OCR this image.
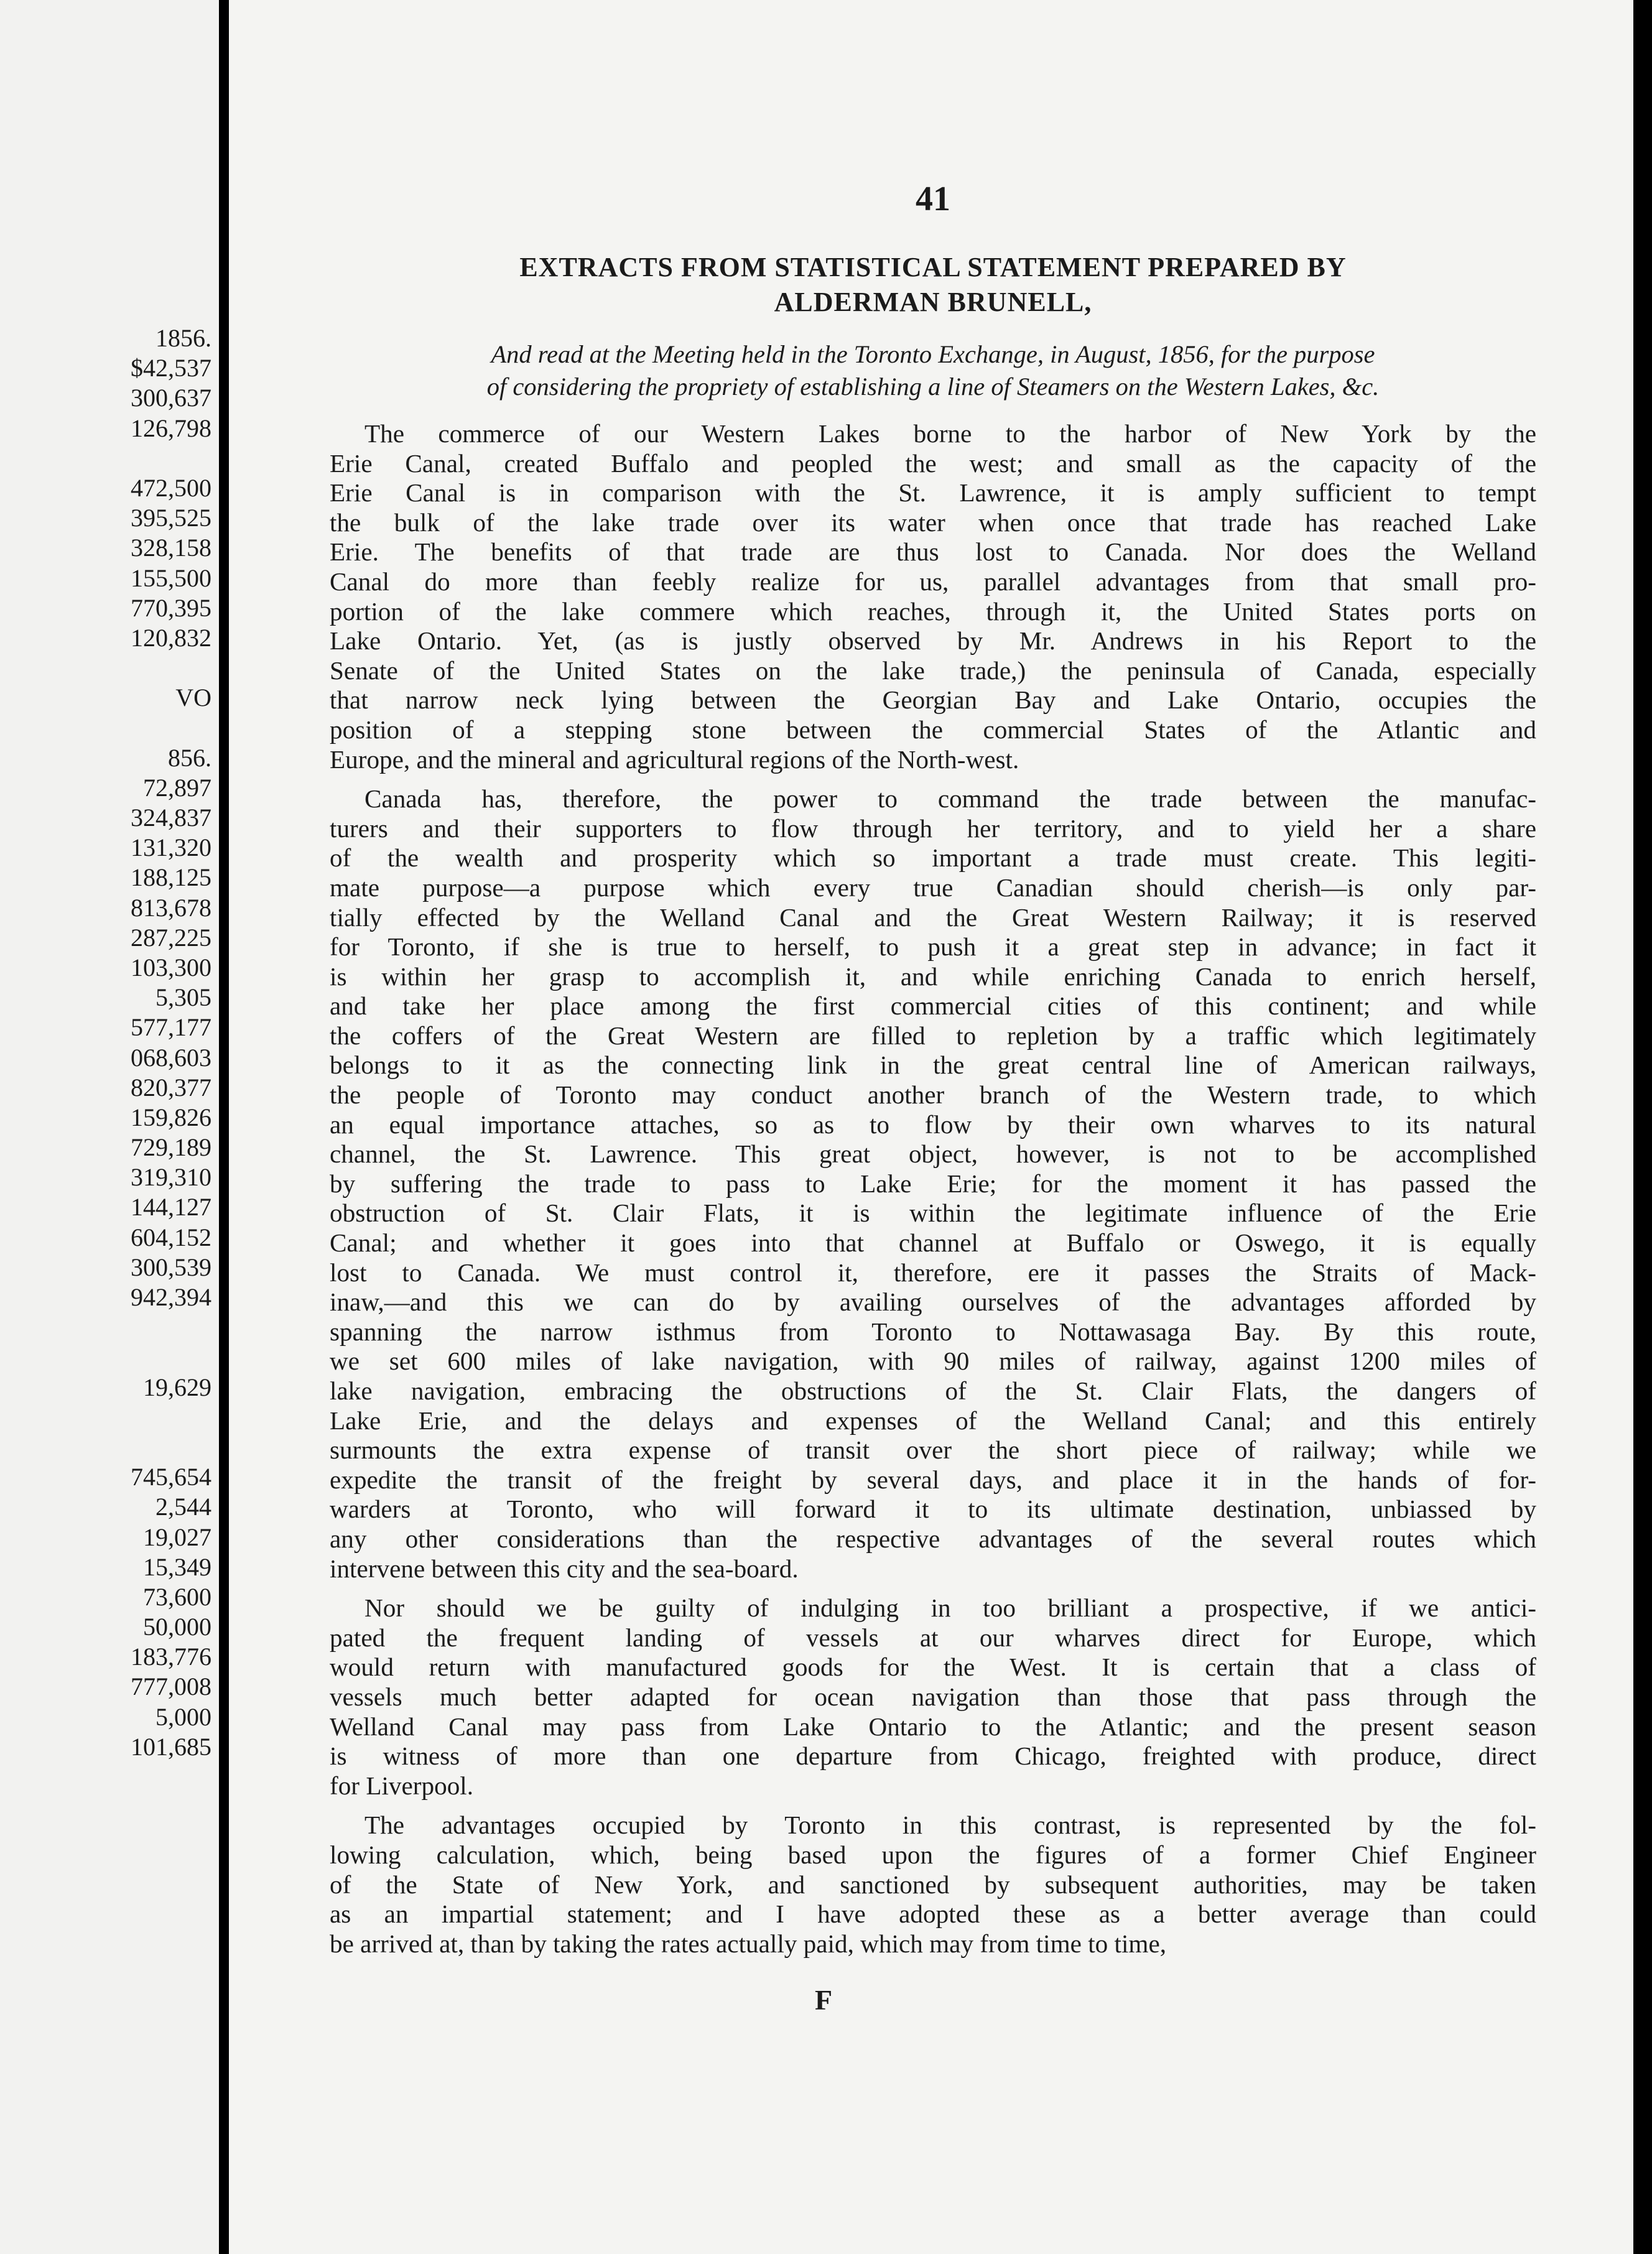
1856.
$42,537
300,637
126,798
472,500
395,525
328,158
155,500
770,395
120,832
VO
856.
72,897
324,837
131,320
188,125
813,678
287,225
103,300
5,305
577,177
068,603
820,377
159,826
729,189
319,310
144,127
604,152
300,539
942,394
19,629
745,654
2,544
19,027
15,349
73,600
50,000
183,776
777,008
5,000
101,685
41
EXTRACTS FROM STATISTICAL STATEMENT PREPARED BY
ALDERMAN BRUNELL,
And read at the Meeting held in the Toronto Exchange, in August, 1856, for the purpose
of considering the propriety of establishing a line of Steamers on the Western Lakes, &c.
The commerce of our Western Lakes borne to the harbor of New York by the
Erie Canal, created Buffalo and peopled the west; and small as the capacity of the
Erie Canal is in comparison with the St. Lawrence, it is amply sufficient to tempt
the bulk of the lake trade over its water when once that trade has reached Lake
Erie. The benefits of that trade are thus lost to Canada. Nor does the Welland
Canal do more than feebly realize for us, parallel advantages from that small pro-
portion of the lake commere which reaches, through it, the United States ports on
Lake Ontario. Yet, (as is justly observed by Mr. Andrews in his Report to the
Senate of the United States on the lake trade,) the peninsula of Canada, especially
that narrow neck lying between the Georgian Bay and Lake Ontario, occupies the
position of a stepping stone between the commercial States of the Atlantic and
Europe, and the mineral and agricultural regions of the North-west.
Canada has, therefore, the power to command the trade between the manufac-
turers and their supporters to flow through her territory, and to yield her a share
of the wealth and prosperity which so important a trade must create. This legiti-
mate purpose—a purpose which every true Canadian should cherish—is only par-
tially effected by the Welland Canal and the Great Western Railway; it is reserved
for Toronto, if she is true to herself, to push it a great step in advance; in fact it
is within her grasp to accomplish it, and while enriching Canada to enrich herself,
and take her place among the first commercial cities of this continent; and while
the coffers of the Great Western are filled to repletion by a traffic which legitimately
belongs to it as the connecting link in the great central line of American railways,
the people of Toronto may conduct another branch of the Western trade, to which
an equal importance attaches, so as to flow by their own wharves to its natural
channel, the St. Lawrence. This great object, however, is not to be accomplished
by suffering the trade to pass to Lake Erie; for the moment it has passed the
obstruction of St. Clair Flats, it is within the legitimate influence of the Erie
Canal; and whether it goes into that channel at Buffalo or Oswego, it is equally
lost to Canada. We must control it, therefore, ere it passes the Straits of Mack-
inaw,—and this we can do by availing ourselves of the advantages afforded by
spanning the narrow isthmus from Toronto to Nottawasaga Bay. By this route,
we set 600 miles of lake navigation, with 90 miles of railway, against 1200 miles of
lake navigation, embracing the obstructions of the St. Clair Flats, the dangers of
Lake Erie, and the delays and expenses of the Welland Canal; and this entirely
surmounts the extra expense of transit over the short piece of railway; while we
expedite the transit of the freight by several days, and place it in the hands of for-
warders at Toronto, who will forward it to its ultimate destination, unbiassed by
any other considerations than the respective advantages of the several routes which
intervene between this city and the sea-board.
Nor should we be guilty of indulging in too brilliant a prospective, if we antici-
pated the frequent landing of vessels at our wharves direct for Europe, which
would return with manufactured goods for the West. It is certain that a class of
vessels much better adapted for ocean navigation than those that pass through the
Welland Canal may pass from Lake Ontario to the Atlantic; and the present season
is witness of more than one departure from Chicago, freighted with produce, direct
for Liverpool.
The advantages occupied by Toronto in this contrast, is represented by the fol-
lowing calculation, which, being based upon the figures of a former Chief Engineer
of the State of New York, and sanctioned by subsequent authorities, may be taken
as an impartial statement; and I have adopted these as a better average than could
be arrived at, than by taking the rates actually paid, which may from time to time,
F
